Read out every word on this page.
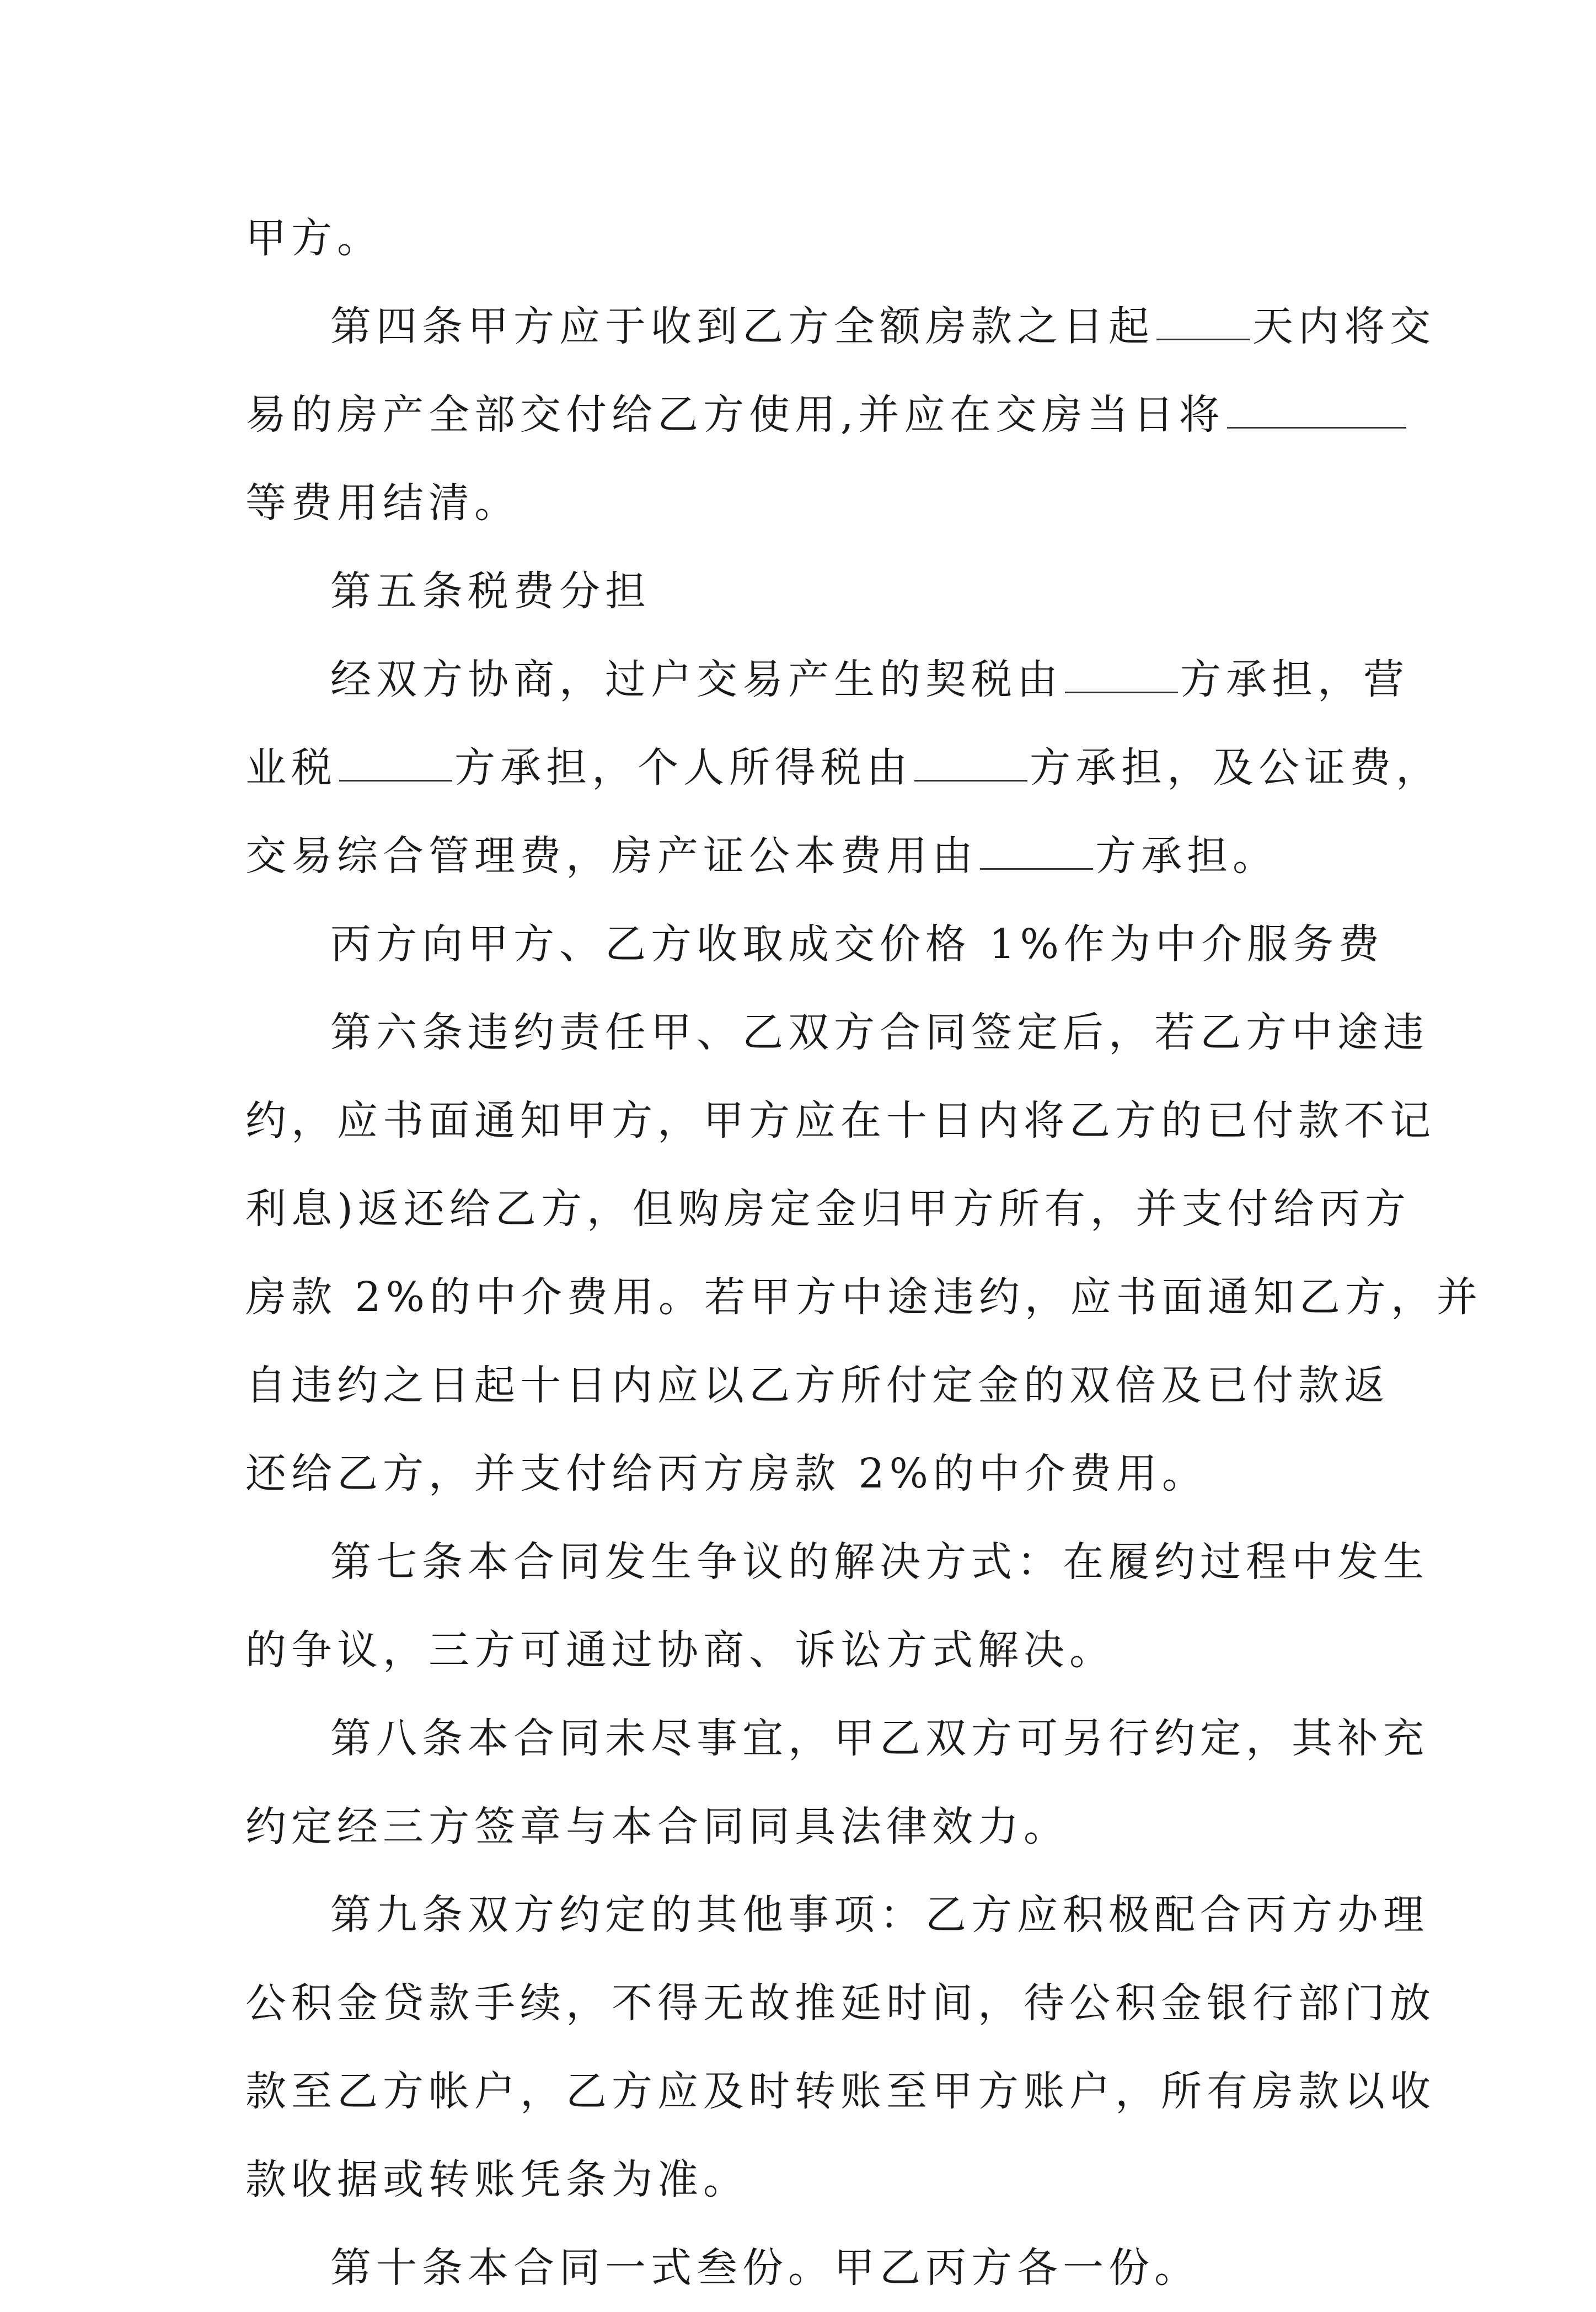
甲方。

第四条甲方应于收到乙方全额房款之日起 天内将交

易的房产全部交付给乙方使用,并应在交房当日将

等费用结清。

第五条税费分担

经双方协商，过户交易产生的契税由	方承担，营

业税	方承担，个人所得税由	方承担，及公证费，

交易综合管理费，房产证公本费用由	方承担。

丙方向甲方、乙方收取成交价格 1%作为中介服务费

第六条违约责任甲、乙双方合同签定后，若乙方中途违

约，应书面通知甲方，甲方应在十日内将乙方的已付款不记

利息)返还给乙方，但购房定金归甲方所有，并支付给丙方

房款 2%的中介费用。若甲方中途违约，应书面通知乙方，并

自违约之日起十日内应以乙方所付定金的双倍及已付款返

还给乙方，并支付给丙方房款 2%的中介费用。

第七条本合同发生争议的解决方式：在履约过程中发生

的争议，三方可通过协商、诉讼方式解决。

第八条本合同未尽事宜，甲乙双方可另行约定，其补充

约定经三方签章与本合同同具法律效力。

第九条双方约定的其他事项：乙方应积极配合丙方办理

公积金贷款手续，不得无故推延时间，待公积金银行部门放

款至乙方帐户，乙方应及时转账至甲方账户，所有房款以收

款收据或转账凭条为准。

第十条本合同一式叁份。甲乙丙方各一份。
